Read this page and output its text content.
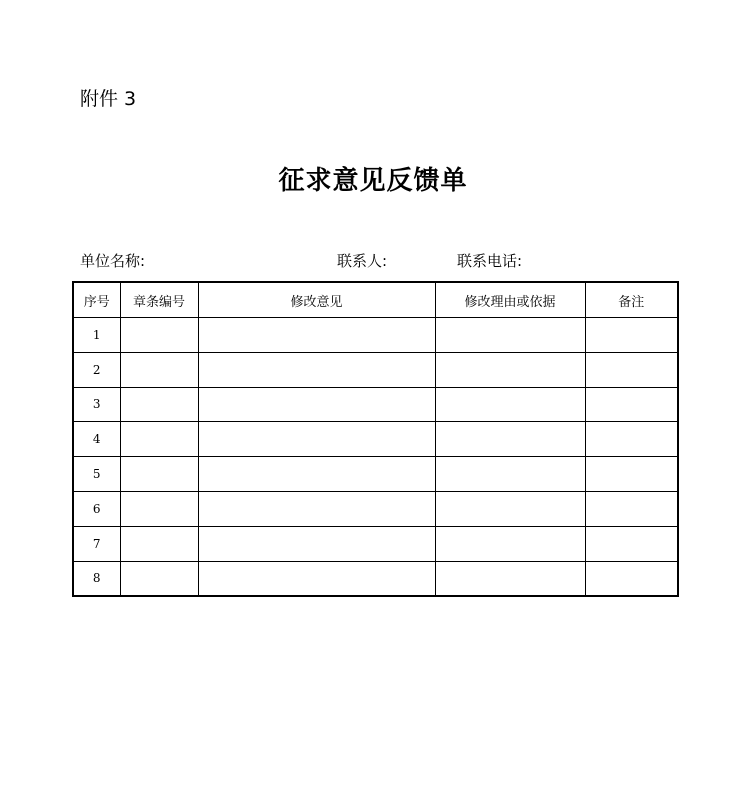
附件 3
征求意见反馈单
单位名称:	联系人:	联系电话:
序号	章条编号	修改意见	修改理由或依据	备注
1				
2				
3				
4				
5				
6				
7				
8				
